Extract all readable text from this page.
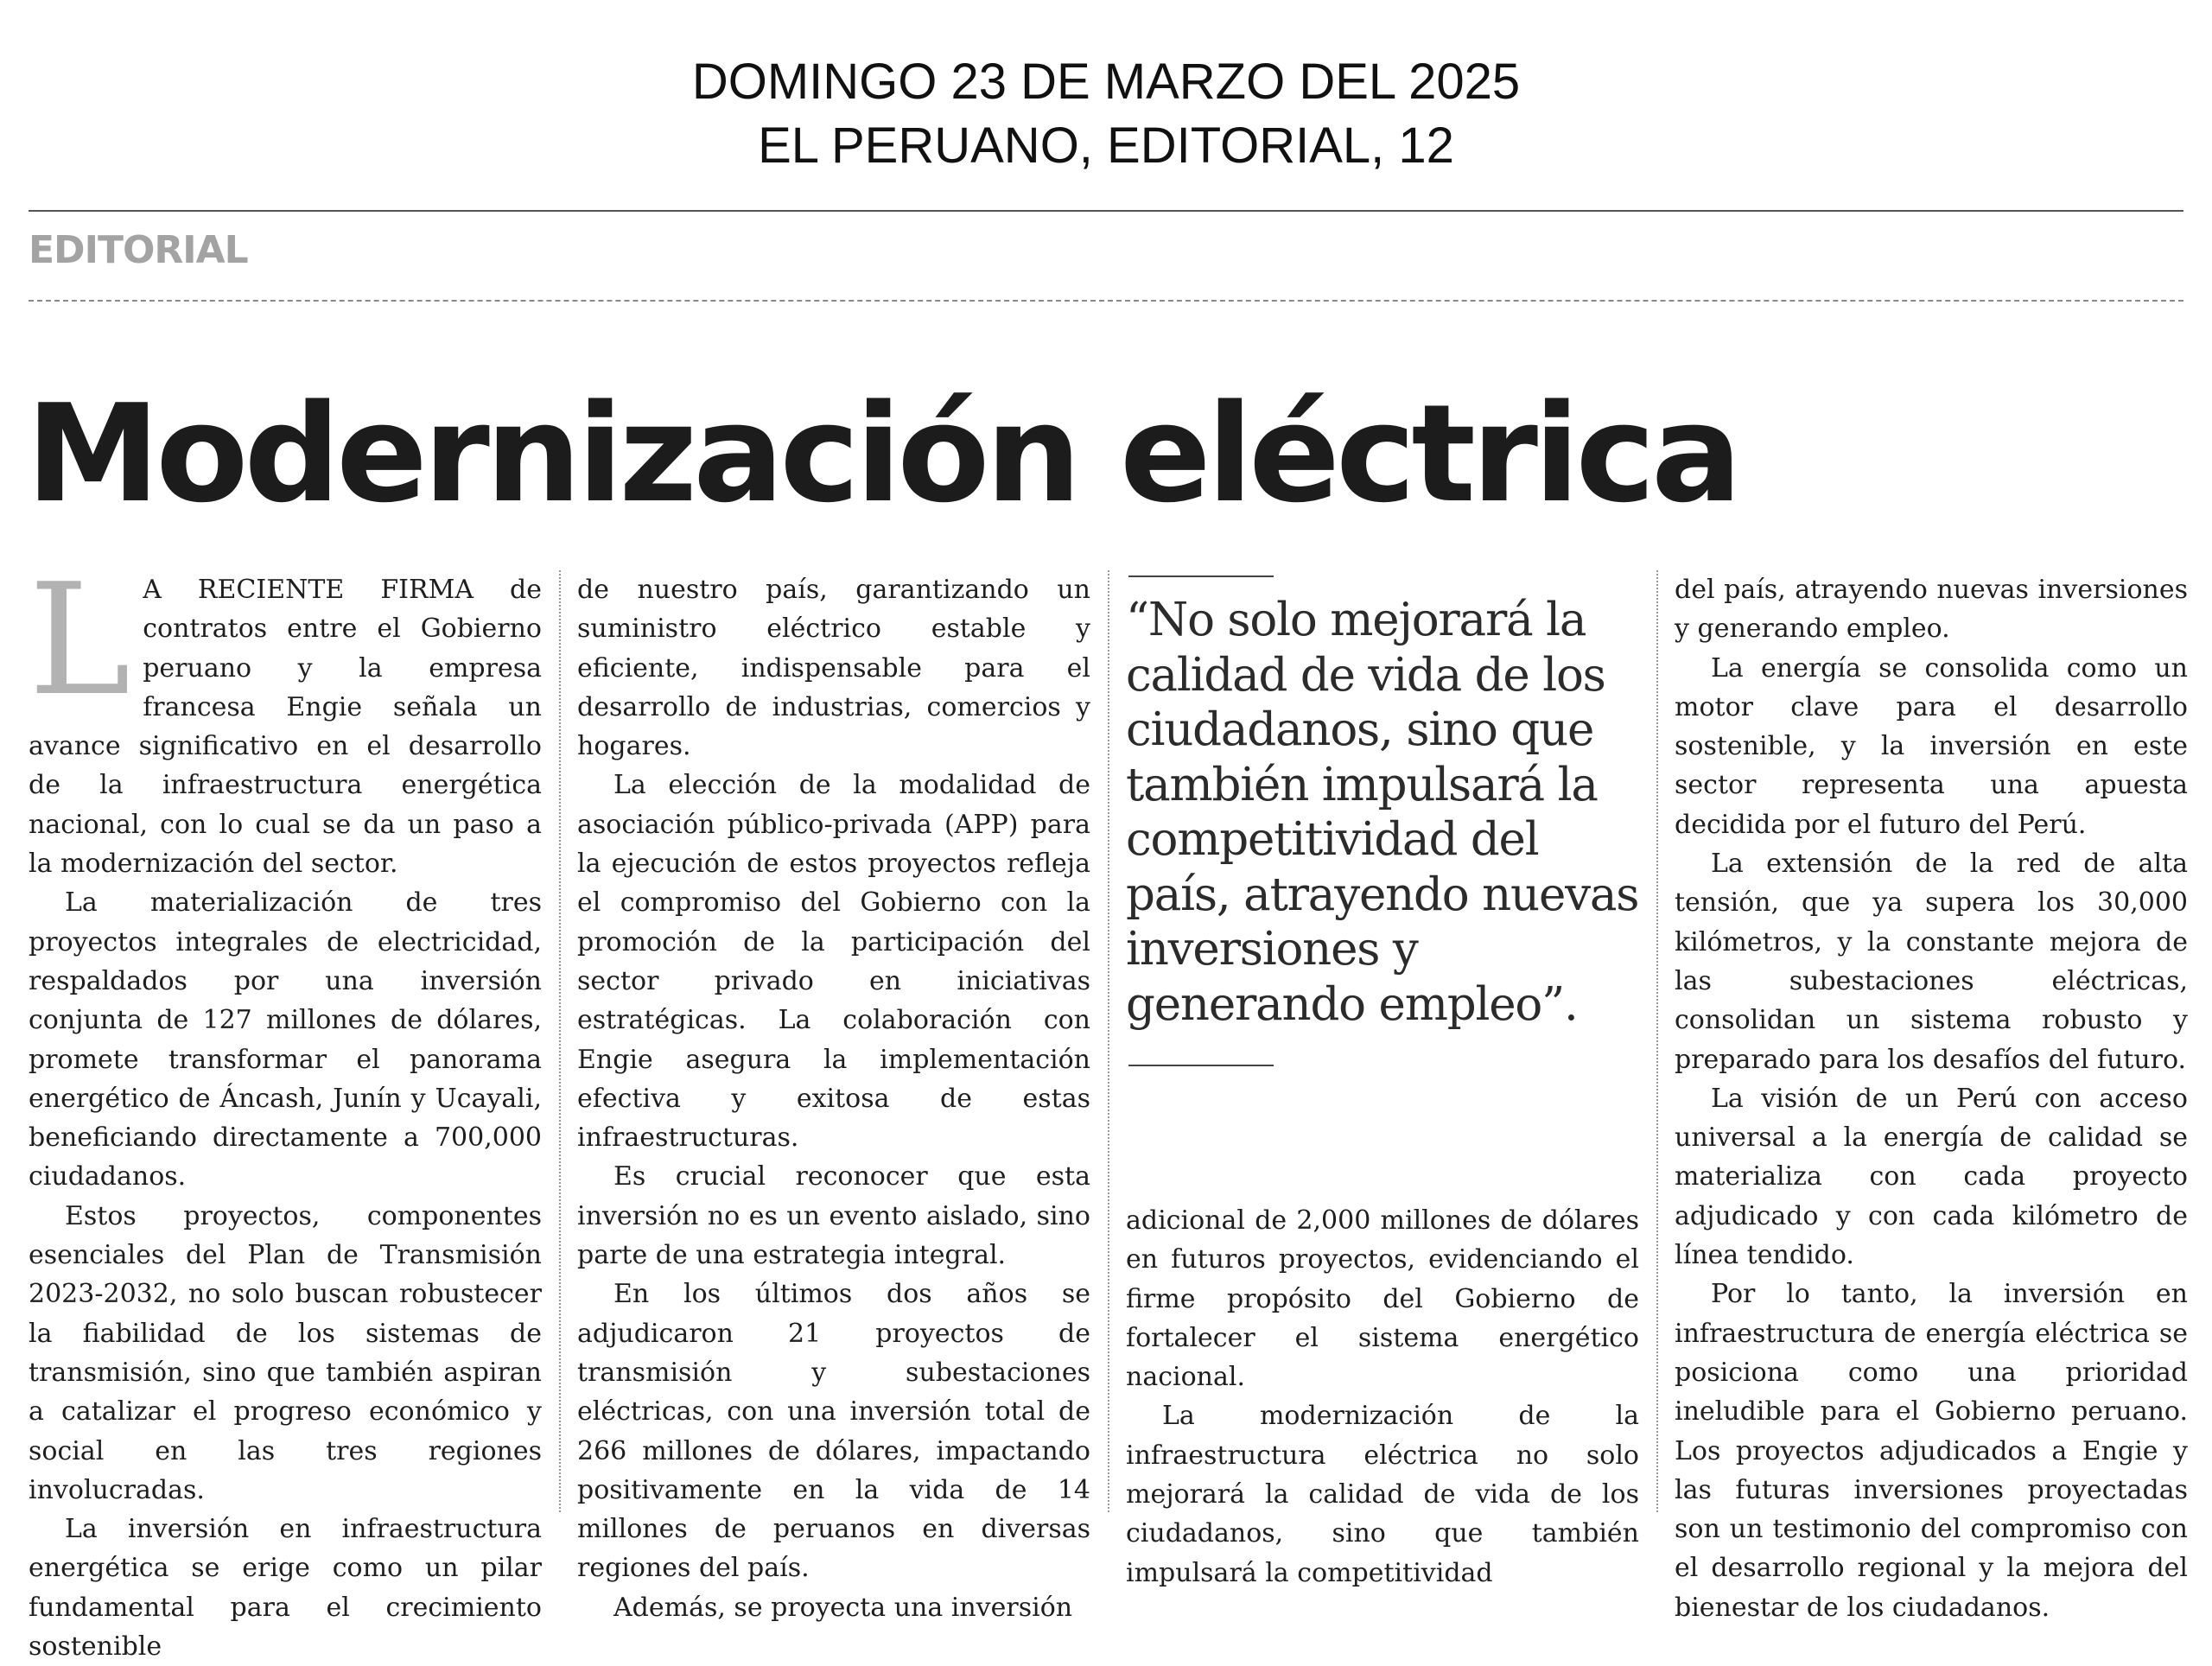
DOMINGO 23 DE MARZO DEL 2025
EL PERUANO, EDITORIAL, 12
EDITORIAL
Modernización eléctrica

L A RECIENTE FIRMA de contratos entre el Gobierno peruano y la empresa francesa Engie señala un avance significativo en el desarrollo de la infraestructura energética nacional, con lo cual se da un paso a la modernización del sector.

La materialización de tres proyectos integrales de electricidad, respaldados por una inversión conjunta de 127 millones de dólares, promete transformar el panorama energético de Áncash, Junín y Ucayali, beneficiando directamente a 700,000 ciudadanos.

Estos proyectos, componentes esenciales del Plan de Transmisión 2023-2032, no solo buscan robustecer la fiabilidad de los sistemas de transmisión, sino que también aspiran a catalizar el progreso económico y social en las tres regiones involucradas.

La inversión en infraestructura energética se erige como un pilar fundamental para el crecimiento sostenible

de nuestro país, garantizando un suministro eléctrico estable y eficiente, indispensable para el desarrollo de industrias, comercios y hogares.

La elección de la modalidad de asociación público-privada (APP) para la ejecución de estos proyectos refleja el compromiso del Gobierno con la promoción de la participación del sector privado en iniciativas estratégicas. La colaboración con Engie asegura la implementación efectiva y exitosa de estas infraestructuras.

Es crucial reconocer que esta inversión no es un evento aislado, sino parte de una estrategia integral.

En los últimos dos años se adjudicaron 21 proyectos de transmisión y subestaciones eléctricas, con una inversión total de 266 millones de dólares, impactando positivamente en la vida de 14 millones de peruanos en diversas regiones del país.

Además, se proyecta una inversión

“No solo mejorará la calidad de vida de los ciudadanos, sino que también impulsará la competitividad del país, atrayendo nuevas inversiones y generando empleo”.

adicional de 2,000 millones de dólares en futuros proyectos, evidenciando el firme propósito del Gobierno de fortalecer el sistema energético nacional.

La modernización de la infraestructura eléctrica no solo mejorará la calidad de vida de los ciudadanos, sino que también impulsará la competitividad

del país, atrayendo nuevas inversiones y generando empleo.

La energía se consolida como un motor clave para el desarrollo sostenible, y la inversión en este sector representa una apuesta decidida por el futuro del Perú.

La extensión de la red de alta tensión, que ya supera los 30,000 kilómetros, y la constante mejora de las subestaciones eléctricas, consolidan un sistema robusto y preparado para los desafíos del futuro.

La visión de un Perú con acceso universal a la energía de calidad se materializa con cada proyecto adjudicado y con cada kilómetro de línea tendido.

Por lo tanto, la inversión en infraestructura de energía eléctrica se posiciona como una prioridad ineludible para el Gobierno peruano. Los proyectos adjudicados a Engie y las futuras inversiones proyectadas son un testimonio del compromiso con el desarrollo regional y la mejora del bienestar de los ciudadanos.
